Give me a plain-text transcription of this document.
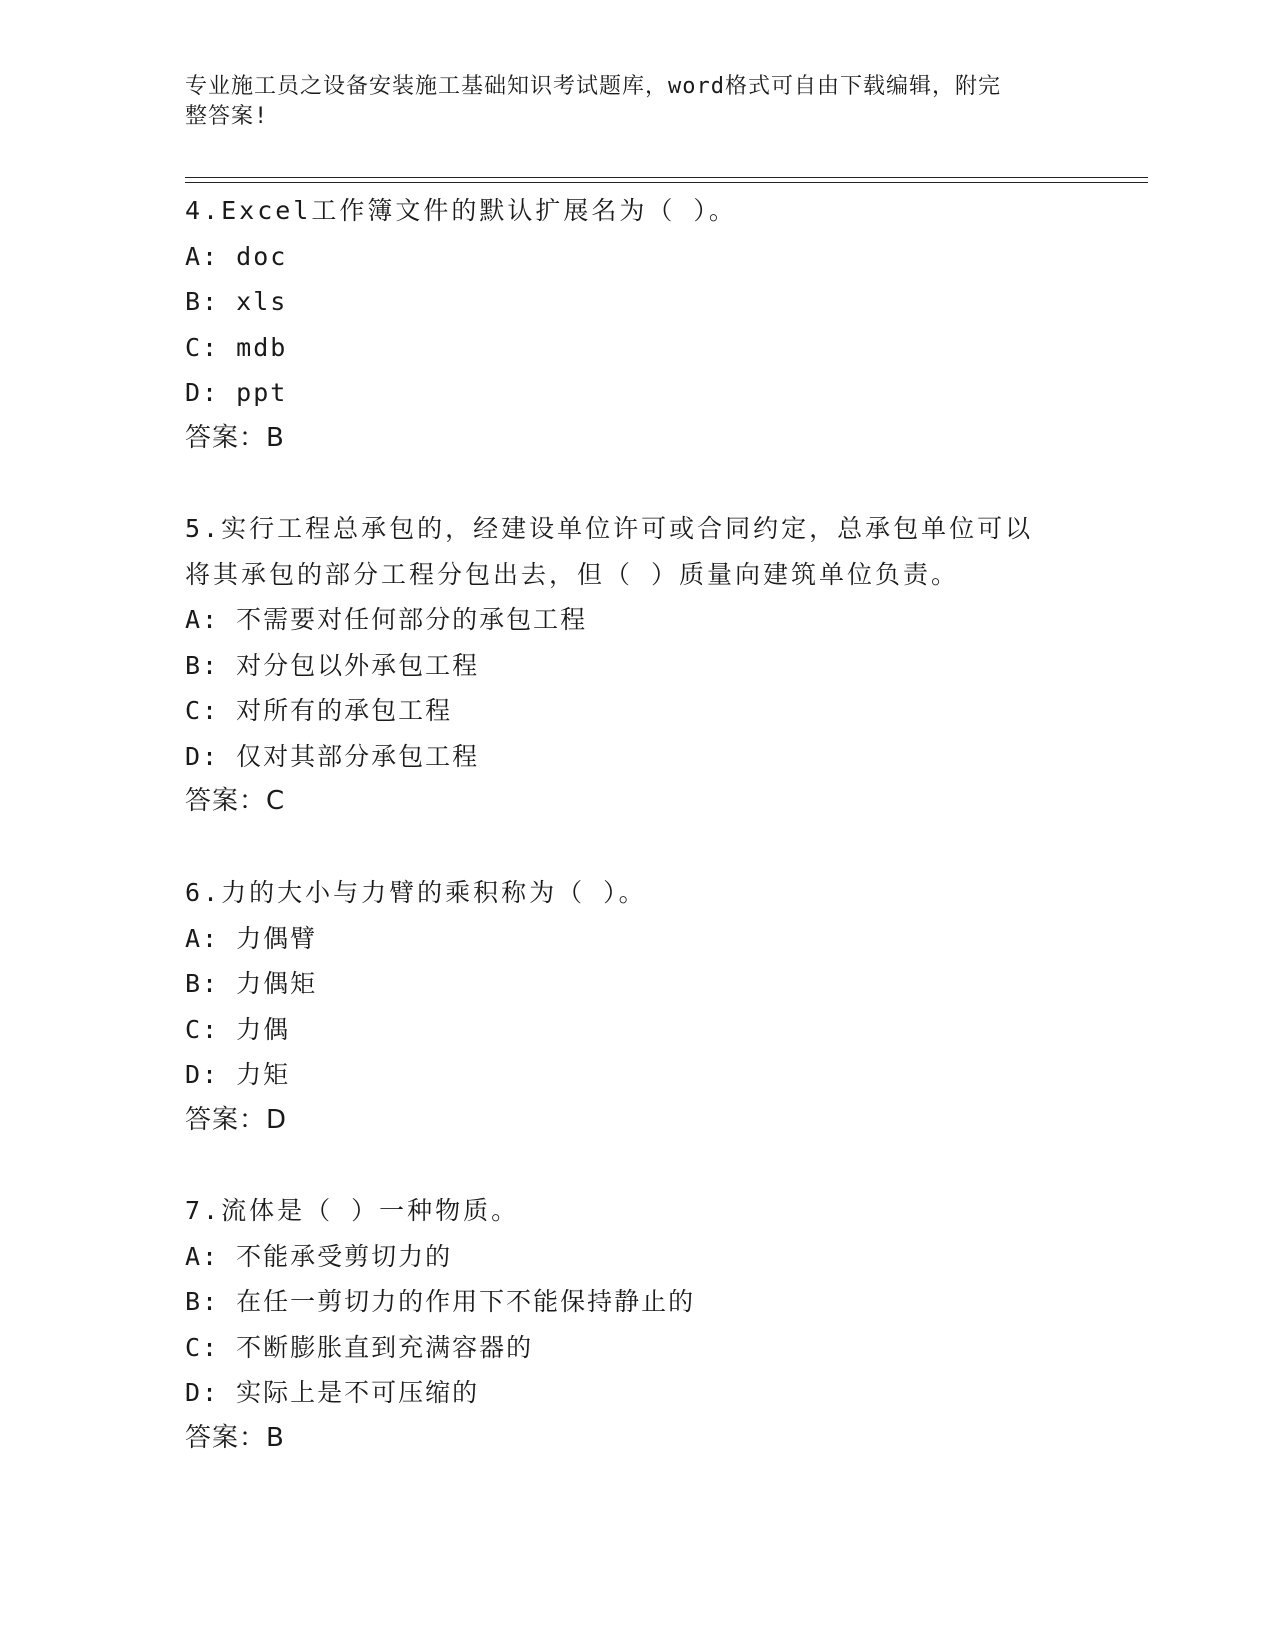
专业施工员之设备安装施工基础知识考试题库，word格式可自由下载编辑，附完
整答案!
4.Excel工作簿文件的默认扩展名为（ ）。
A: doc
B: xls
C: mdb
D: ppt
答案：B
5.实行工程总承包的，经建设单位许可或合同约定，总承包单位可以
将其承包的部分工程分包出去，但（ ）质量向建筑单位负责。
A: 不需要对任何部分的承包工程
B: 对分包以外承包工程
C: 对所有的承包工程
D: 仅对其部分承包工程
答案：C
6.力的大小与力臂的乘积称为（ ）。
A: 力偶臂
B: 力偶矩
C: 力偶
D: 力矩
答案：D
7.流体是（ ）一种物质。
A: 不能承受剪切力的
B: 在任一剪切力的作用下不能保持静止的
C: 不断膨胀直到充满容器的
D: 实际上是不可压缩的
答案：B
